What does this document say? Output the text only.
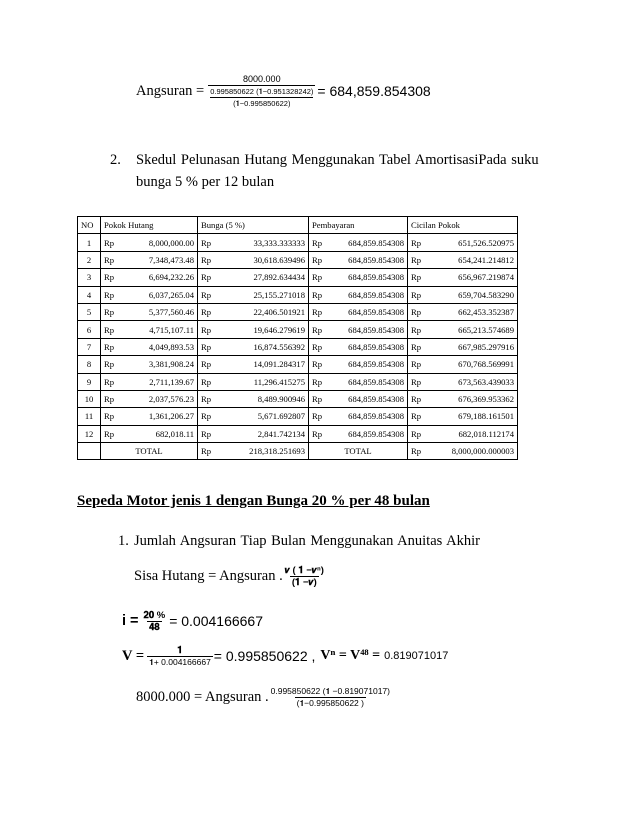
Angsuran = 8000.000
0.995850622 (𝟏−0.951328242)
(𝟏−0.995850622) = 684,859.854308
2. Skedul Pelunasan Hutang Menggunakan Tabel AmortisasiPada suku
bunga 5 % per 12 bulan
NO	Pokok Hutang	Bunga (5 %)	Pembayaran	Cicilan Pokok
1	Rp 8,000,000.00	Rp 33,333.333333	Rp 684,859.854308	Rp 651,526.520975

2	Rp 7,348,473.48	Rp 30,618.639496	Rp 684,859.854308	Rp 654,241.214812

3	Rp 6,694,232.26	Rp 27,892.634434	Rp 684,859.854308	Rp 656,967.219874

4	Rp 6,037,265.04	Rp 25,155.271018	Rp 684,859.854308	Rp 659,704.583290

5	Rp 5,377,560.46	Rp 22,406.501921	Rp 684,859.854308	Rp 662,453.352387

6	Rp 4,715,107.11	Rp 19,646.279619	Rp 684,859.854308	Rp 665,213.574689

7	Rp 4,049,893.53	Rp 16,874.556392	Rp 684,859.854308	Rp 667,985.297916

8	Rp 3,381,908.24	Rp 14,091.284317	Rp 684,859.854308	Rp 670,768.569991

9	Rp 2,711,139.67	Rp 11,296.415275	Rp 684,859.854308	Rp 673,563.439033

10	Rp 2,037,576.23	Rp 8,489.900946	Rp 684,859.854308	Rp 676,369.953362

11	Rp 1,361,206.27	Rp 5,671.692807	Rp 684,859.854308	Rp 679,188.161501

12	Rp 682,018.11	Rp 2,841.742134	Rp 684,859.854308	Rp 682,018.112174

	TOTAL	Rp 218,318.251693	TOTAL	Rp 8,000,000.000003
Sepeda Motor jenis 1 dengan Bunga 20 % per 48 bulan
1. Jumlah Angsuran Tiap Bulan Menggunakan Anuitas Akhir
Sisa Hutang = Angsuran . $\frac{\text{𝒗 ( 𝟏 −𝒗ⁿ)}}{\text{(𝟏 −𝒗)}}$
$i = \frac{𝟐𝟎 \%}{𝟒𝟖} = 0.004166667$
$V = \frac{𝟏}{𝟏+ 0.004166667} = 0.995850622$ , Vⁿ = V⁴⁸ = 0.819071017
8000.000 = Angsuran . $\frac{0.995850622 (𝟏 -0.819071017)}{(𝟏-0.995850622 )}$
